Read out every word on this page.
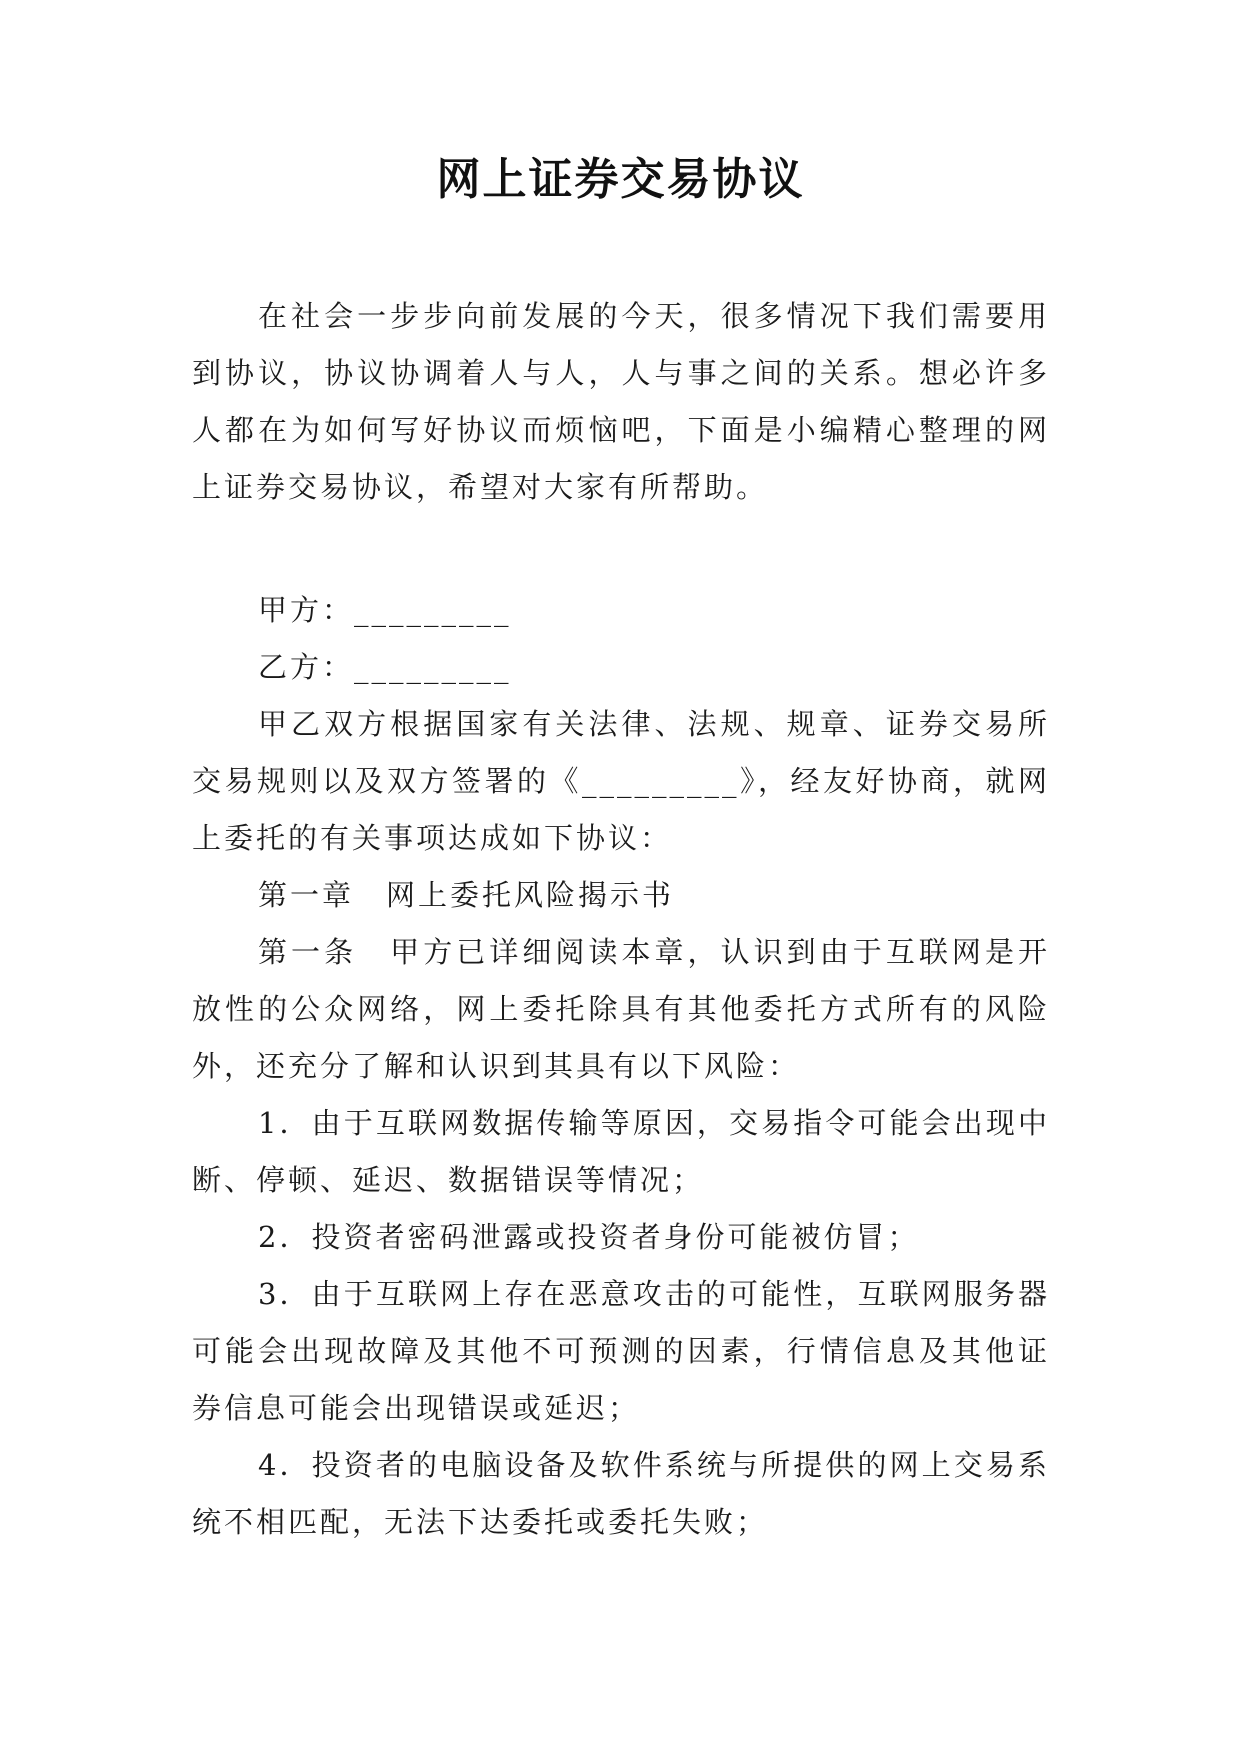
网上证券交易协议

在社会一步步向前发展的今天，很多情况下我们需要用到协议，协议协调着人与人，人与事之间的关系。想必许多人都在为如何写好协议而烦恼吧，下面是小编精心整理的网上证券交易协议，希望对大家有所帮助。

甲方：_________

乙方：_________

甲乙双方根据国家有关法律、法规、规章、证券交易所交易规则以及双方签署的《_________》，经友好协商，就网上委托的有关事项达成如下协议：

第一章　网上委托风险揭示书

第一条　甲方已详细阅读本章，认识到由于互联网是开放性的公众网络，网上委托除具有其他委托方式所有的风险外，还充分了解和认识到其具有以下风险：

1．由于互联网数据传输等原因，交易指令可能会出现中断、停顿、延迟、数据错误等情况；

2．投资者密码泄露或投资者身份可能被仿冒；

3．由于互联网上存在恶意攻击的可能性，互联网服务器可能会出现故障及其他不可预测的因素，行情信息及其他证券信息可能会出现错误或延迟；

4．投资者的电脑设备及软件系统与所提供的网上交易系统不相匹配，无法下达委托或委托失败；
